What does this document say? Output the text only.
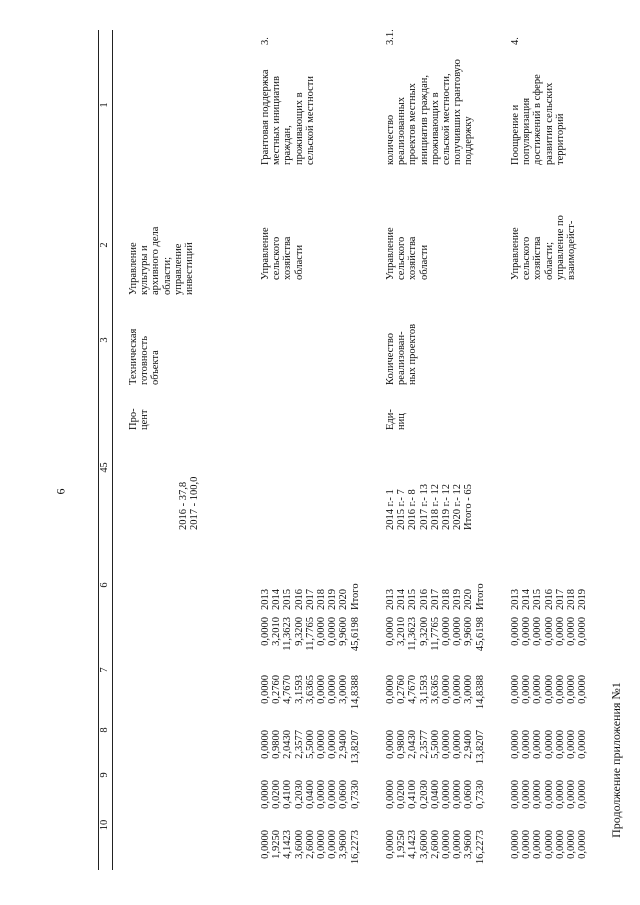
6
Продолжение приложения №1
1
2
3
4
5
6
7
8
9
10
Управление
культуры и
архивного дела
области;
управление
инвестиций
Техническая
готовность
объекта
Про-
цент
2016 - 37,8
2017 - 100,0
3.
Грантовая поддержка
местных инициатив
граждан,
проживающих в
сельской местности
Управление
сельского
хозяйства
области
2013
2014
2015
2016
2017
2018
2019
2020
Итого
0,0000
3,2010
11,3623
9,3200
11,7765
0,0000
0,0000
9,9600
45,6198
0,0000
0,2760
4,7670
3,1593
3,6365
0,0000
0,0000
3,0000
14,8388
0,0000
0,9800
2,0430
2,3577
5,5000
0,0000
0,0000
2,9400
13,8207
0,0000
0,0200
0,4100
0,2030
0,0400
0,0000
0,0000
0,0600
0,7330
0,0000
1,9250
4,1423
3,6000
2,6000
0,0000
0,0000
3,9600
16,2273
3.1.
количество
реализованных
проектов местных
инициатив граждан,
проживающих в
сельской местности,
получивших грантовую
поддержку
Управление
сельского
хозяйства
области
Количество
реализован-
ных проектов
Еди-
ниц
2014 г.- 1
2015 г.- 7
2016 г.- 8
2017 г.- 13
2018 г.- 12
2019 г.- 12
2020 г.- 12
Итого - 65
2013
2014
2015
2016
2017
2018
2019
2020
Итого
0,0000
3,2010
11,3623
9,3200
11,7765
0,0000
0,0000
9,9600
45,6198
0,0000
0,2760
4,7670
3,1593
3,6365
0,0000
0,0000
3,0000
14,8388
0,0000
0,9800
2,0430
2,3577
5,5000
0,0000
0,0000
2,9400
13,8207
0,0000
0,0200
0,4100
0,2030
0,0400
0,0000
0,0000
0,0600
0,7330
0,0000
1,9250
4,1423
3,6000
2,6000
0,0000
0,0000
3,9600
16,2273
4.
Поощрение и
популяризация
достижений в сфере
развития сельских
территорий
Управление
сельского
хозяйства
области;
управление по
взаимодейст-
2013
2014
2015
2016
2017
2018
2019
0,0000
0,0000
0,0000
0,0000
0,0000
0,0000
0,0000
0,0000
0,0000
0,0000
0,0000
0,0000
0,0000
0,0000
0,0000
0,0000
0,0000
0,0000
0,0000
0,0000
0,0000
0,0000
0,0000
0,0000
0,0000
0,0000
0,0000
0,0000
0,0000
0,0000
0,0000
0,0000
0,0000
0,0000
0,0000
